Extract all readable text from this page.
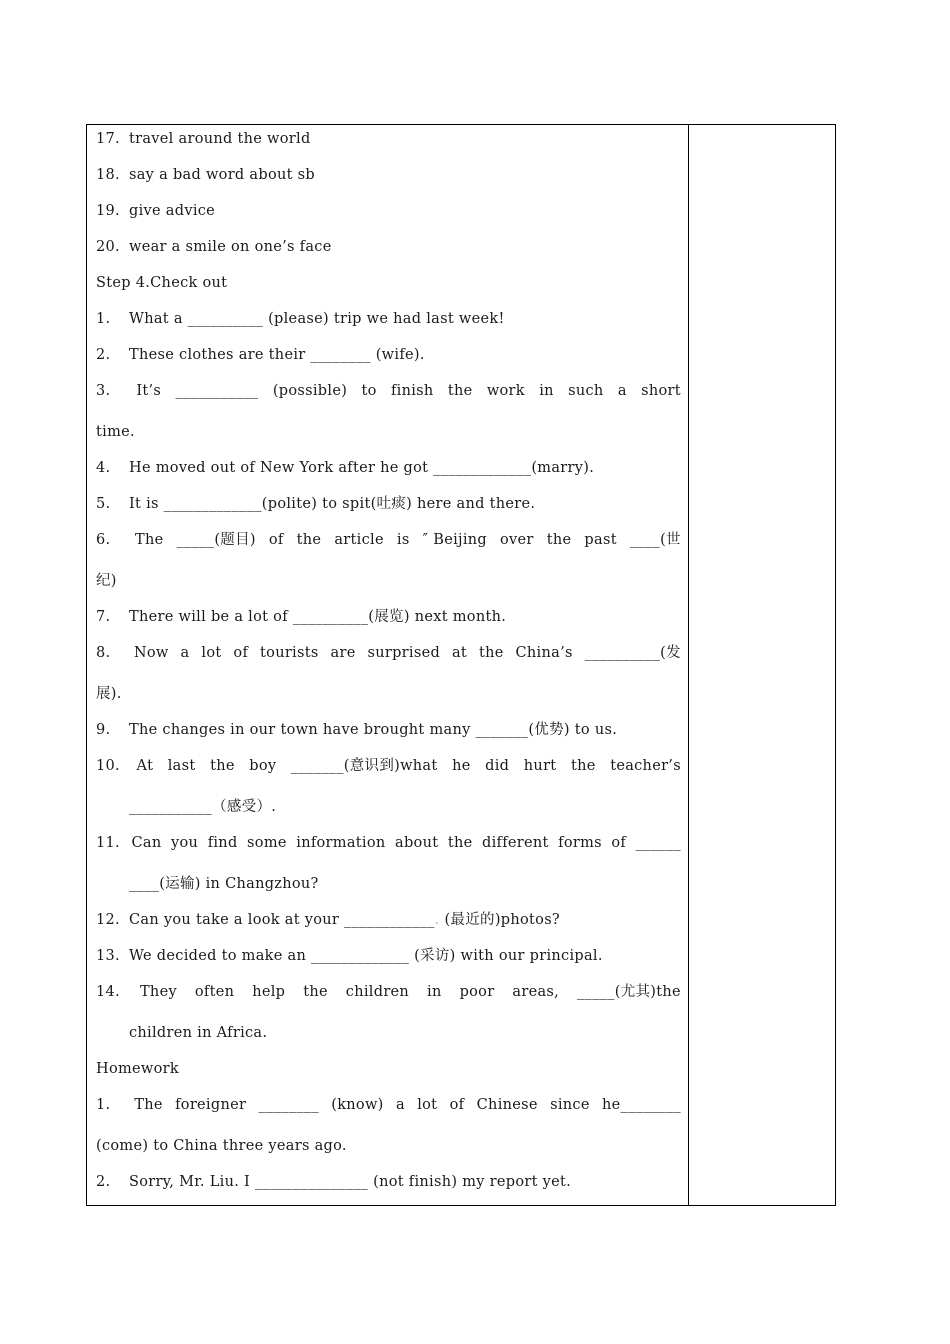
17. travel around the world
18. say a bad word about sb
19. give advice
20. wear a smile on one’s face
Step 4.Check out
1. What a __________ (please) trip we had last week!
2. These clothes are their ________ (wife).
3.	It’s ___________ (possible) to finish the work in such a short
time.
4. He moved out of New York after he got _____________(marry).
5. It is _____________(polite) to spit(吐痰) here and there.
6.	The _____(题目) of the article is ″ Beijing over the past ____(世
纪)
7. There will be a lot of __________(展览) next month.
8.	Now a lot of tourists are surprised at the China’s __________(发
展).
9. The changes in our town have brought many _______(优势) to us.
10. At last the boy _______(意识到)what he did hurt the teacher’s
___________（感受）.
11. Can you find some information about the different forms of ______
____(运输) in Changzhou?
12. Can you take a look at your ____________. (最近的)photos?
13. We decided to make an _____________ (采访) with our principal.
14. They often help the children in poor areas, _____(尤其)the
children in Africa.
Homework
1.	The foreigner ________ (know) a lot of Chinese since he________
(come) to China three years ago.
2. Sorry, Mr. Liu. I _______________ (not finish) my report yet.
